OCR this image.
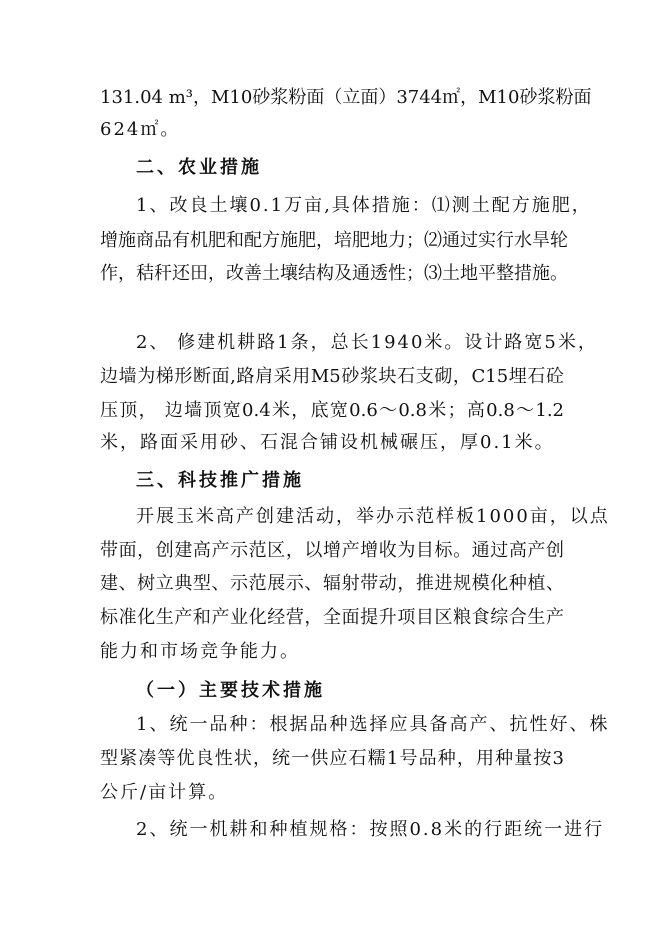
131.04 m³，M10砂浆粉面（立面）3744㎡，M10砂浆粉面
624㎡。
二、农业措施
1、改良土壤0.1万亩,具体措施：⑴测土配方施肥，
增施商品有机肥和配方施肥，培肥地力；⑵通过实行水旱轮
作，秸秆还田，改善土壤结构及通透性；⑶土地平整措施。
2、 修建机耕路1条，总长1940米。设计路宽5米，
边墙为梯形断面,路肩采用M5砂浆块石支砌，C15埋石砼
压顶， 边墙顶宽0.4米，底宽0.6～0.8米；高0.8～1.2
米，路面采用砂、石混合铺设机械碾压，厚0.1米。
三、科技推广措施
开展玉米高产创建活动，举办示范样板1000亩，以点
带面，创建高产示范区，以增产增收为目标。通过高产创
建、树立典型、示范展示、辐射带动，推进规模化种植、
标准化生产和产业化经营，全面提升项目区粮食综合生产
能力和市场竞争能力。
（一）主要技术措施
1、统一品种：根据品种选择应具备高产、抗性好、株
型紧凑等优良性状，统一供应石糯1号品种，用种量按3
公斤/亩计算。
2、统一机耕和种植规格：按照0.8米的行距统一进行
